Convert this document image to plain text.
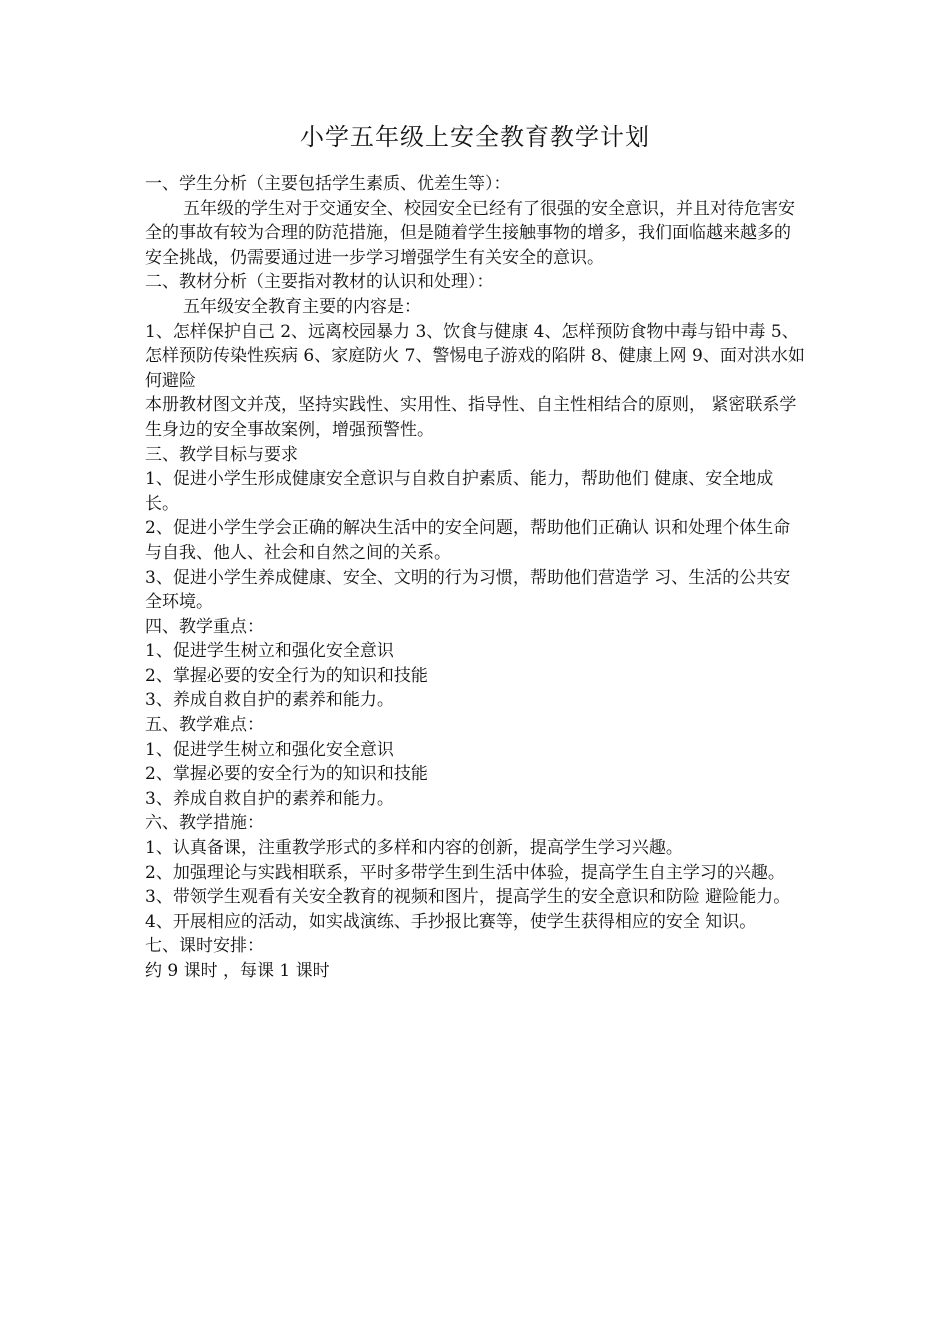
小学五年级上安全教育教学计划

一、学生分析（主要包括学生素质、优差生等）：

五年级的学生对于交通安全、校园安全已经有了很强的安全意识，并且对待危害安全的事故有较为合理的防范措施，但是随着学生接触事物的增多，我们面临越来越多的安全挑战，仍需要通过进一步学习增强学生有关安全的意识。

二、教材分析（主要指对教材的认识和处理）：

五年级安全教育主要的内容是：

1、怎样保护自己 2、远离校园暴力 3、饮食与健康 4、怎样预防食物中毒与铅中毒 5、怎样预防传染性疾病 6、家庭防火 7、警惕电子游戏的陷阱 8、健康上网 9、面对洪水如何避险

本册教材图文并茂，坚持实践性、实用性、指导性、自主性相结合的原则， 紧密联系学生身边的安全事故案例，增强预警性。

三、教学目标与要求

1、促进小学生形成健康安全意识与自救自护素质、能力，帮助他们 健康、安全地成长。

2、促进小学生学会正确的解决生活中的安全问题，帮助他们正确认 识和处理个体生命与自我、他人、社会和自然之间的关系。

3、促进小学生养成健康、安全、文明的行为习惯，帮助他们营造学 习、生活的公共安全环境。

四、教学重点：

1、促进学生树立和强化安全意识

2、掌握必要的安全行为的知识和技能

3、养成自救自护的素养和能力。

五、教学难点：

1、促进学生树立和强化安全意识

2、掌握必要的安全行为的知识和技能

3、养成自救自护的素养和能力。

六、教学措施：

1、认真备课，注重教学形式的多样和内容的创新，提高学生学习兴趣。

2、加强理论与实践相联系，平时多带学生到生活中体验，提高学生自主学习的兴趣。

3、带领学生观看有关安全教育的视频和图片，提高学生的安全意识和防险 避险能力。

4、开展相应的活动，如实战演练、手抄报比赛等，使学生获得相应的安全 知识。

七、课时安排：

约 9 课时 ，每课 1 课时
